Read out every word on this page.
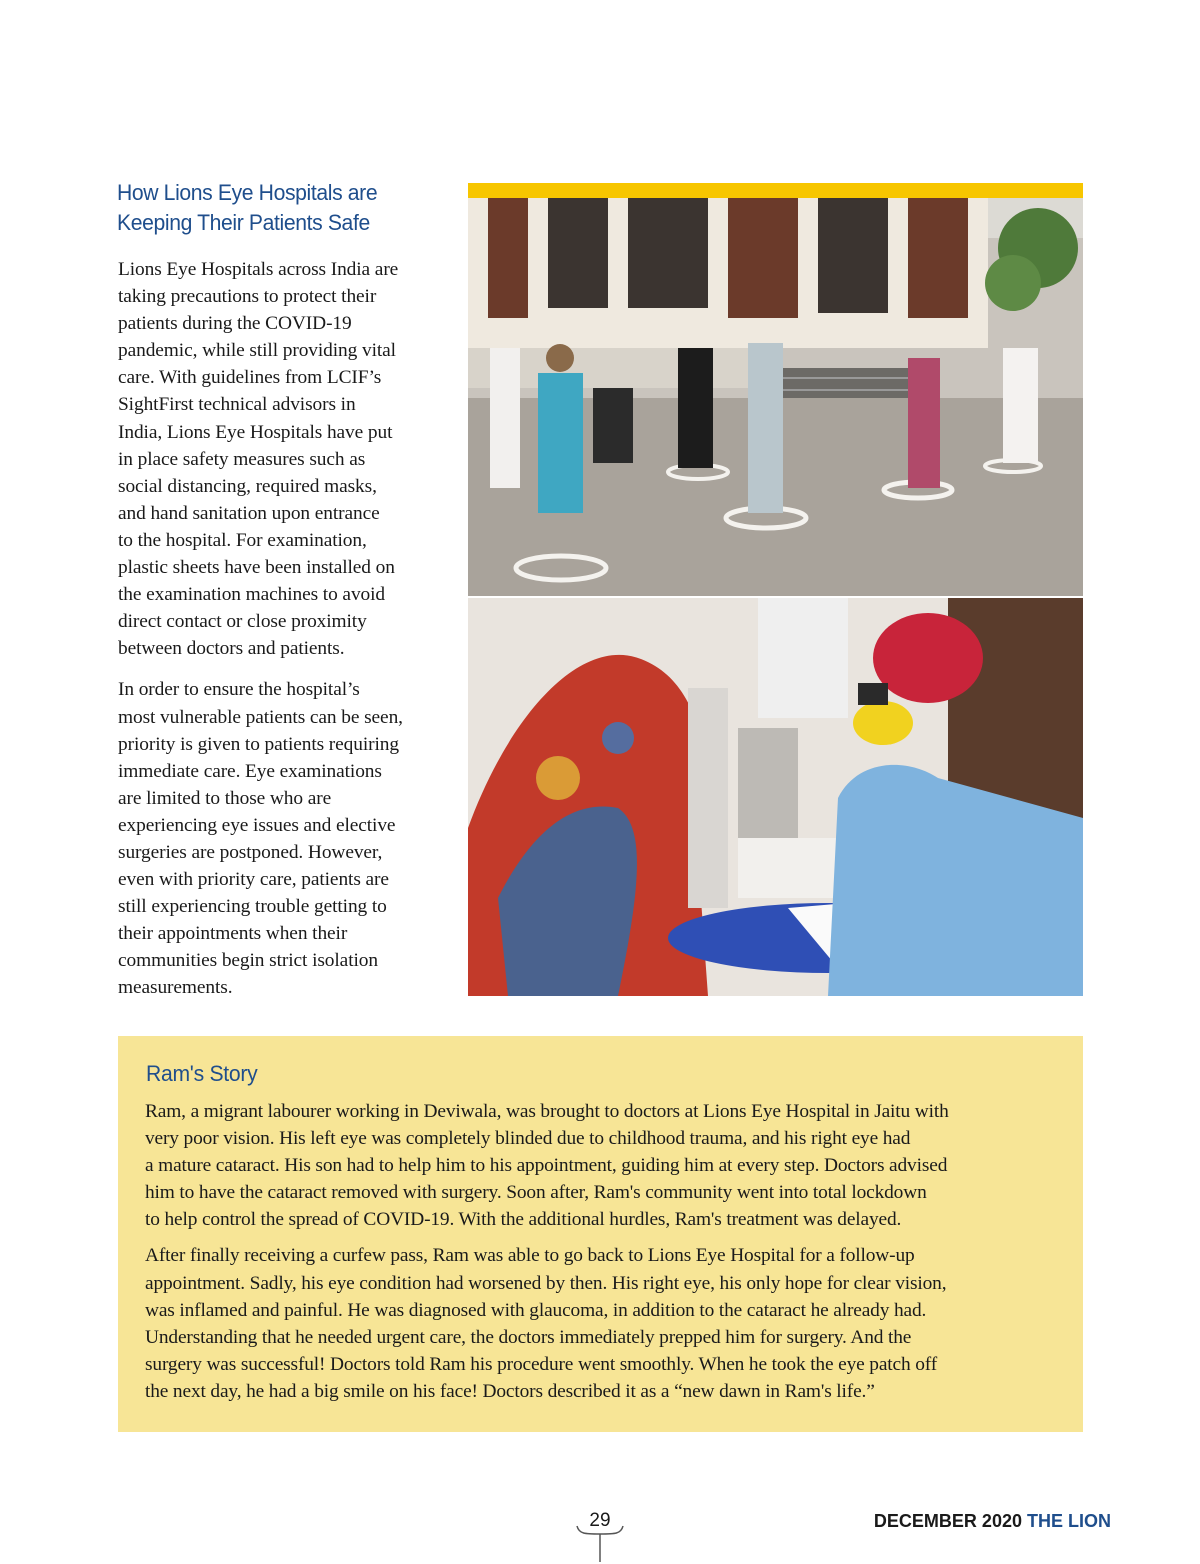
How Lions Eye Hospitals are
Keeping Their Patients Safe

Lions Eye Hospitals across India are
taking precautions to protect their
patients during the COVID-19
pandemic, while still providing vital
care. With guidelines from LCIF’s
SightFirst technical advisors in
India, Lions Eye Hospitals have put
in place safety measures such as
social distancing, required masks,
and hand sanitation upon entrance
to the hospital. For examination,
plastic sheets have been installed on
the examination machines to avoid
direct contact or close proximity
between doctors and patients.

In order to ensure the hospital’s
most vulnerable patients can be seen,
priority is given to patients requiring
immediate care. Eye examinations
are limited to those who are
experiencing eye issues and elective
surgeries are postponed. However,
even with priority care, patients are
still experiencing trouble getting to
their appointments when their
communities begin strict isolation
measurements.

Ram's Story

Ram, a migrant labourer working in Deviwala, was brought to doctors at Lions Eye Hospital in Jaitu with
very poor vision. His left eye was completely blinded due to childhood trauma, and his right eye had
a mature cataract. His son had to help him to his appointment, guiding him at every step. Doctors advised
him to have the cataract removed with surgery. Soon after, Ram's community went into total lockdown
to help control the spread of COVID-19. With the additional hurdles, Ram's treatment was delayed.

After finally receiving a curfew pass, Ram was able to go back to Lions Eye Hospital for a follow-up
appointment. Sadly, his eye condition had worsened by then. His right eye, his only hope for clear vision,
was inflamed and painful. He was diagnosed with glaucoma, in addition to the cataract he already had.
Understanding that he needed urgent care, the doctors immediately prepped him for surgery. And the
surgery was successful! Doctors told Ram his procedure went smoothly. When he took the eye patch off
the next day, he had a big smile on his face! Doctors described it as a “new dawn in Ram's life.”

29	DECEMBER 2020 THE LION
